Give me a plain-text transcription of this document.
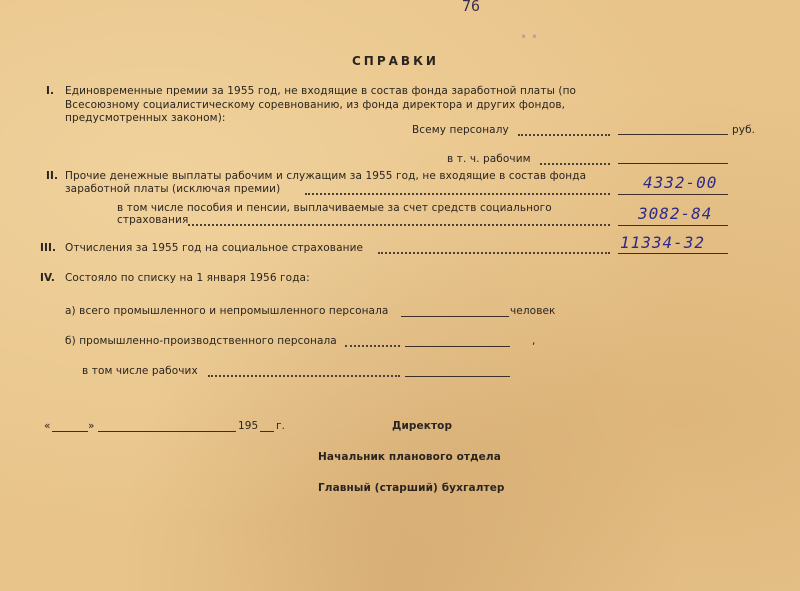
76
• •
СПРАВКИ
I. Единовременные премии за 1955 год, не входящие в состав фонда заработной платы (по
Всесоюзному социалистическому соревнованию, из фонда директора и других фондов,
предусмотренных законом):
Всему персоналу	руб.
в т. ч. рабочим
II. Прочие денежные выплаты рабочим и служащим за 1955 год, не входящие в состав фонда
заработной платы (исключая премии)	4332-00
в том числе пособия и пенсии, выплачиваемые за счет средств социального
страхования	3082-84
III. Отчисления за 1955 год на социальное страхование	11334-32
IV. Состояло по списку на 1 января 1956 года:
а) всего промышленного и непромышленного персонала	человек
б) промышленно-производственного персонала	,
в том числе рабочих
«	»	195 г.	Директор
Начальник планового отдела
Главный (старший) бухгалтер
